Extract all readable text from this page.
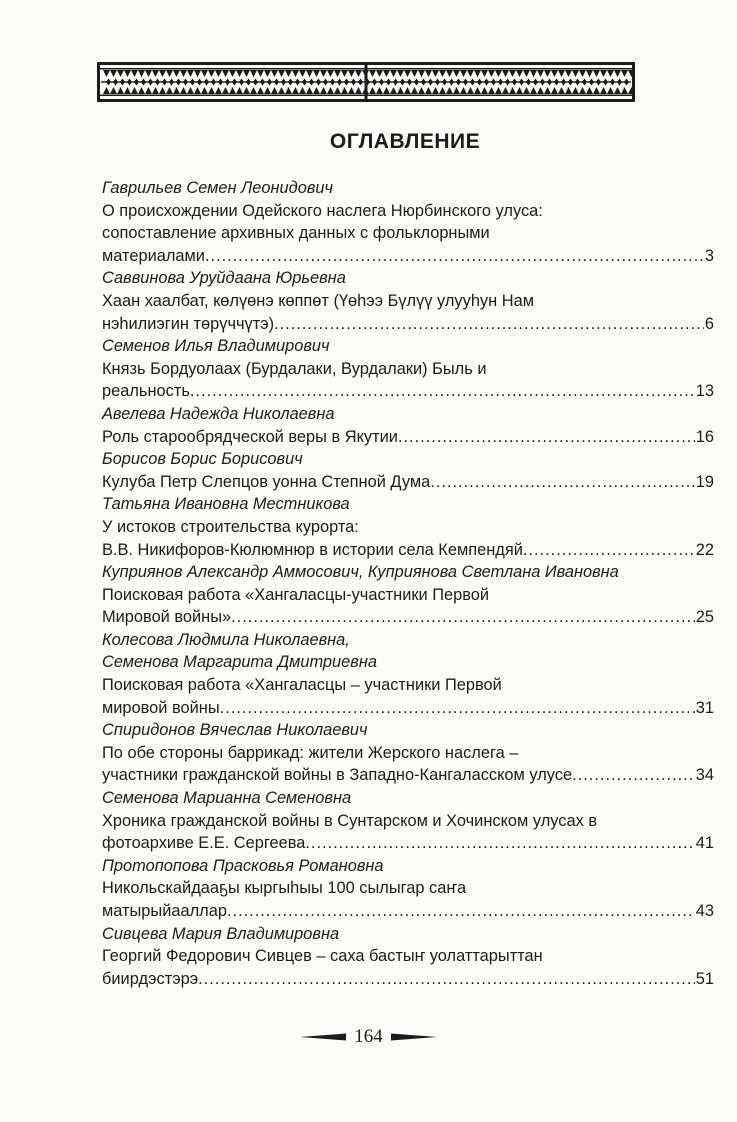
ОГЛАВЛЕНИЕ
Гаврильев Семен Леонидович
О происхождении Одейского наслега Нюрбинского улуса:
сопоставление архивных данных с фольклорными
материалами .....	3
Саввинова Уруйдаана Юрьевна
Хаан хаалбат, көлүөнэ көппөт (Үөһээ Бүлүү улууһун Нам
нэһилиэгин төрүччүтэ) .....	6
Семенов Илья Владимирович
Князь Бордуолаах (Бурдалаки, Вурдалаки) Быль и
реальность .....	13
Авелева Надежда Николаевна
Роль старообрядческой веры в Якутии .....	16
Борисов Борис Борисович
Кулуба Петр Слепцов уонна Степной Дума .....	19
Татьяна Ивановна Местникова
У истоков строительства курорта:
В.В. Никифоров-Кюлюмнюр в истории села Кемпендяй .....	22
Куприянов Александр Аммосович, Куприянова Светлана Ивановна
Поисковая работа «Хангаласцы-участники Первой
Мировой войны» .....	25
Колесова Людмила Николаевна,
Семенова Маргарита Дмитриевна
Поисковая работа «Хангаласцы – участники Первой
мировой войны .....	31
Спиридонов Вячеслав Николаевич
По обе стороны баррикад: жители Жерского наслега –
участники гражданской войны в Западно-Кангаласском улусе .....	34
Семенова Марианна Семеновна
Хроника гражданской войны в Сунтарском и Хочинском улусах в
фотоархиве Е.Е. Сергеева .....	41
Протопопова Прасковья Романовна
Никольскайдааҕы кыргыһыы 100 сылыгар саҥа
матырыйааллар .....	43
Сивцева Мария Владимировна
Георгий Федорович Сивцев – саха бастыҥ уолаттарыттан
биирдэстэрэ .....	51
164
